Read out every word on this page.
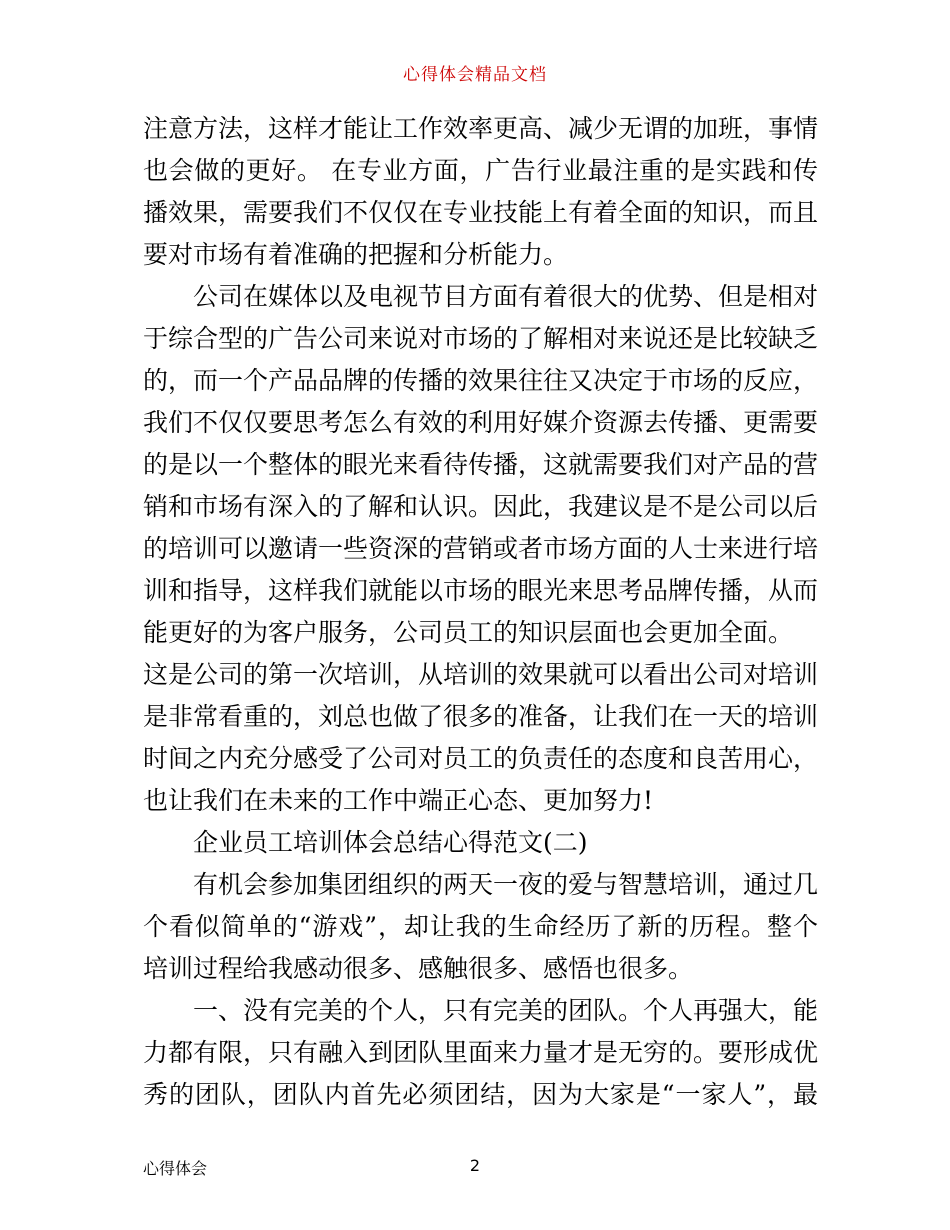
心得体会精品文档
注意方法，这样才能让工作效率更高、减少无谓的加班，事情
也会做的更好。 在专业方面，广告行业最注重的是实践和传
播效果，需要我们不仅仅在专业技能上有着全面的知识，而且
要对市场有着准确的把握和分析能力。
公司在媒体以及电视节目方面有着很大的优势、但是相对
于综合型的广告公司来说对市场的了解相对来说还是比较缺乏
的，而一个产品品牌的传播的效果往往又决定于市场的反应，
我们不仅仅要思考怎么有效的利用好媒介资源去传播、更需要
的是以一个整体的眼光来看待传播，这就需要我们对产品的营
销和市场有深入的了解和认识。因此，我建议是不是公司以后
的培训可以邀请一些资深的营销或者市场方面的人士来进行培
训和指导，这样我们就能以市场的眼光来思考品牌传播，从而
能更好的为客户服务，公司员工的知识层面也会更加全面。
这是公司的第一次培训，从培训的效果就可以看出公司对培训
是非常看重的，刘总也做了很多的准备，让我们在一天的培训
时间之内充分感受了公司对员工的负责任的态度和良苦用心，
也让我们在未来的工作中端正心态、更加努力!
企业员工培训体会总结心得范文(二)
有机会参加集团组织的两天一夜的爱与智慧培训，通过几
个看似简单的“游戏”，却让我的生命经历了新的历程。整个
培训过程给我感动很多、感触很多、感悟也很多。
一、没有完美的个人，只有完美的团队。个人再强大，能
力都有限，只有融入到团队里面来力量才是无穷的。要形成优
秀的团队，团队内首先必须团结，因为大家是“一家人”，最
心得体会	2
